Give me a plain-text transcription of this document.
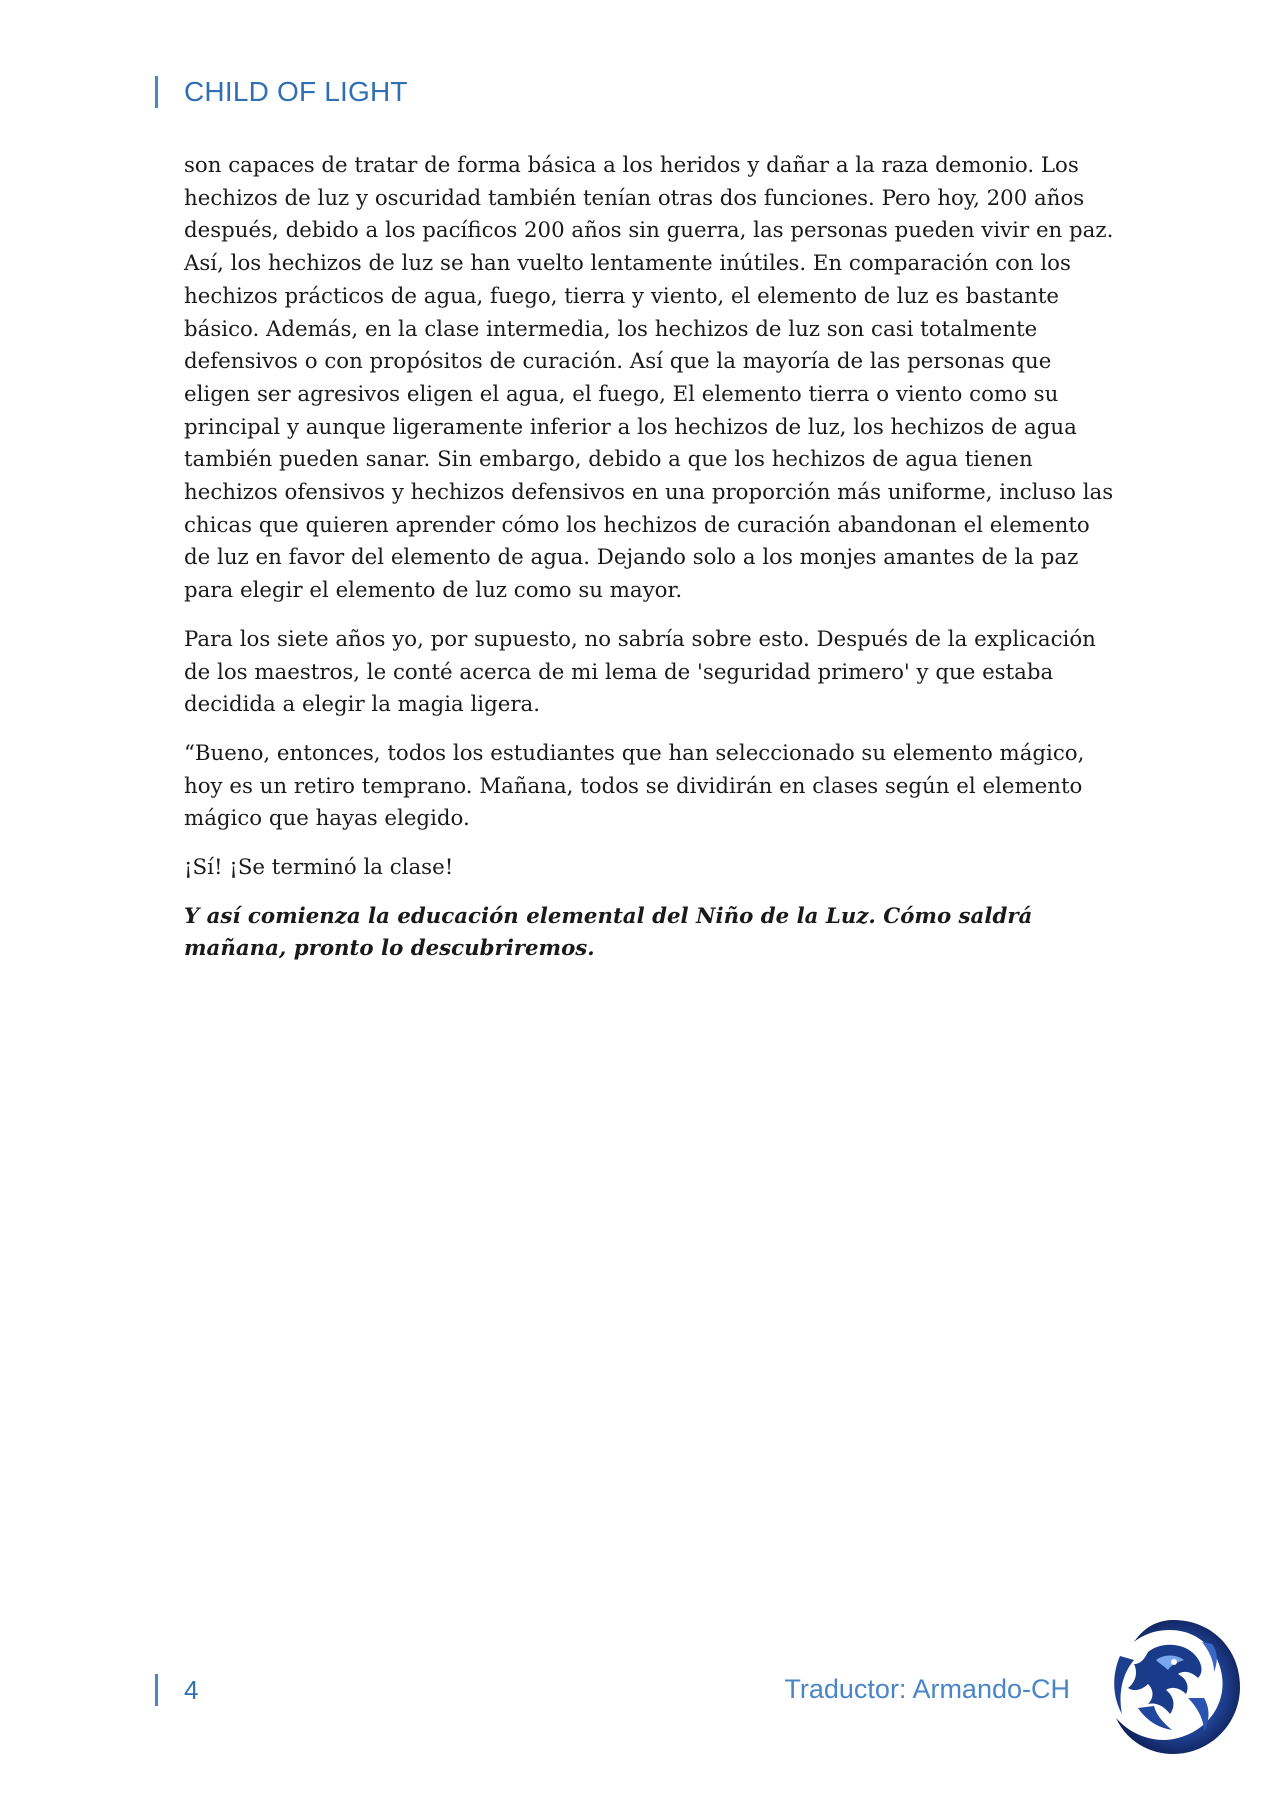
CHILD OF LIGHT

son capaces de tratar de forma básica a los heridos y dañar a la raza demonio. Los hechizos de luz y oscuridad también tenían otras dos funciones. Pero hoy, 200 años después, debido a los pacíficos 200 años sin guerra, las personas pueden vivir en paz. Así, los hechizos de luz se han vuelto lentamente inútiles. En comparación con los hechizos prácticos de agua, fuego, tierra y viento, el elemento de luz es bastante básico. Además, en la clase intermedia, los hechizos de luz son casi totalmente defensivos o con propósitos de curación. Así que la mayoría de las personas que eligen ser agresivos eligen el agua, el fuego, El elemento tierra o viento como su principal y aunque ligeramente inferior a los hechizos de luz, los hechizos de agua también pueden sanar. Sin embargo, debido a que los hechizos de agua tienen hechizos ofensivos y hechizos defensivos en una proporción más uniforme, incluso las chicas que quieren aprender cómo los hechizos de curación abandonan el elemento de luz en favor del elemento de agua. Dejando solo a los monjes amantes de la paz para elegir el elemento de luz como su mayor.

Para los siete años yo, por supuesto, no sabría sobre esto. Después de la explicación de los maestros, le conté acerca de mi lema de 'seguridad primero' y que estaba decidida a elegir la magia ligera.

“Bueno, entonces, todos los estudiantes que han seleccionado su elemento mágico, hoy es un retiro temprano. Mañana, todos se dividirán en clases según el elemento mágico que hayas elegido.

¡Sí! ¡Se terminó la clase!

Y así comienza la educación elemental del Niño de la Luz. Cómo saldrá mañana, pronto lo descubriremos.

4	Traductor: Armando-CH
